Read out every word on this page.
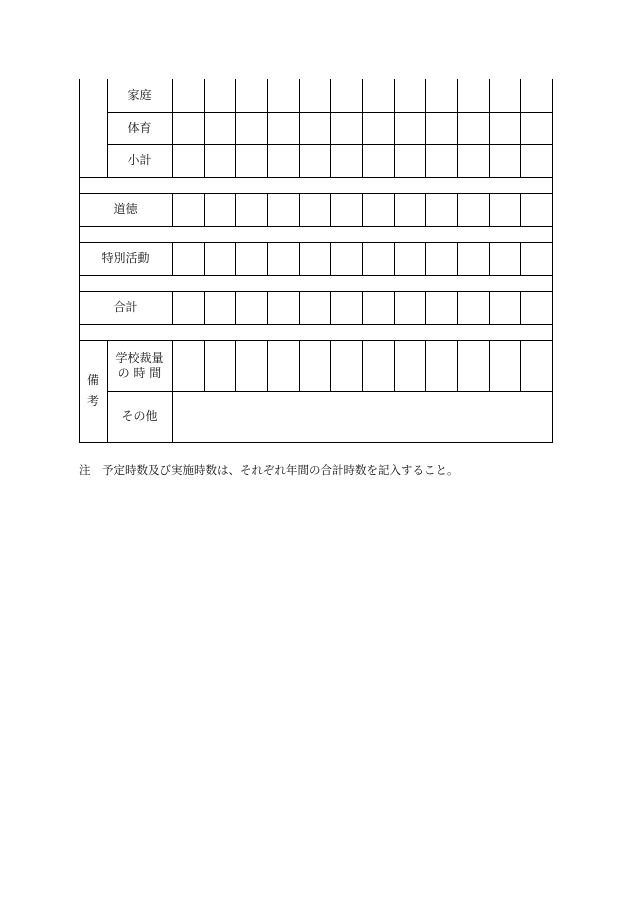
家庭
体育
小計
道徳
特別活動
合計
備
考
学校裁量
の 時 間
その他
注 予定時数及び実施時数は、それぞれ年間の合計時数を記入すること。
